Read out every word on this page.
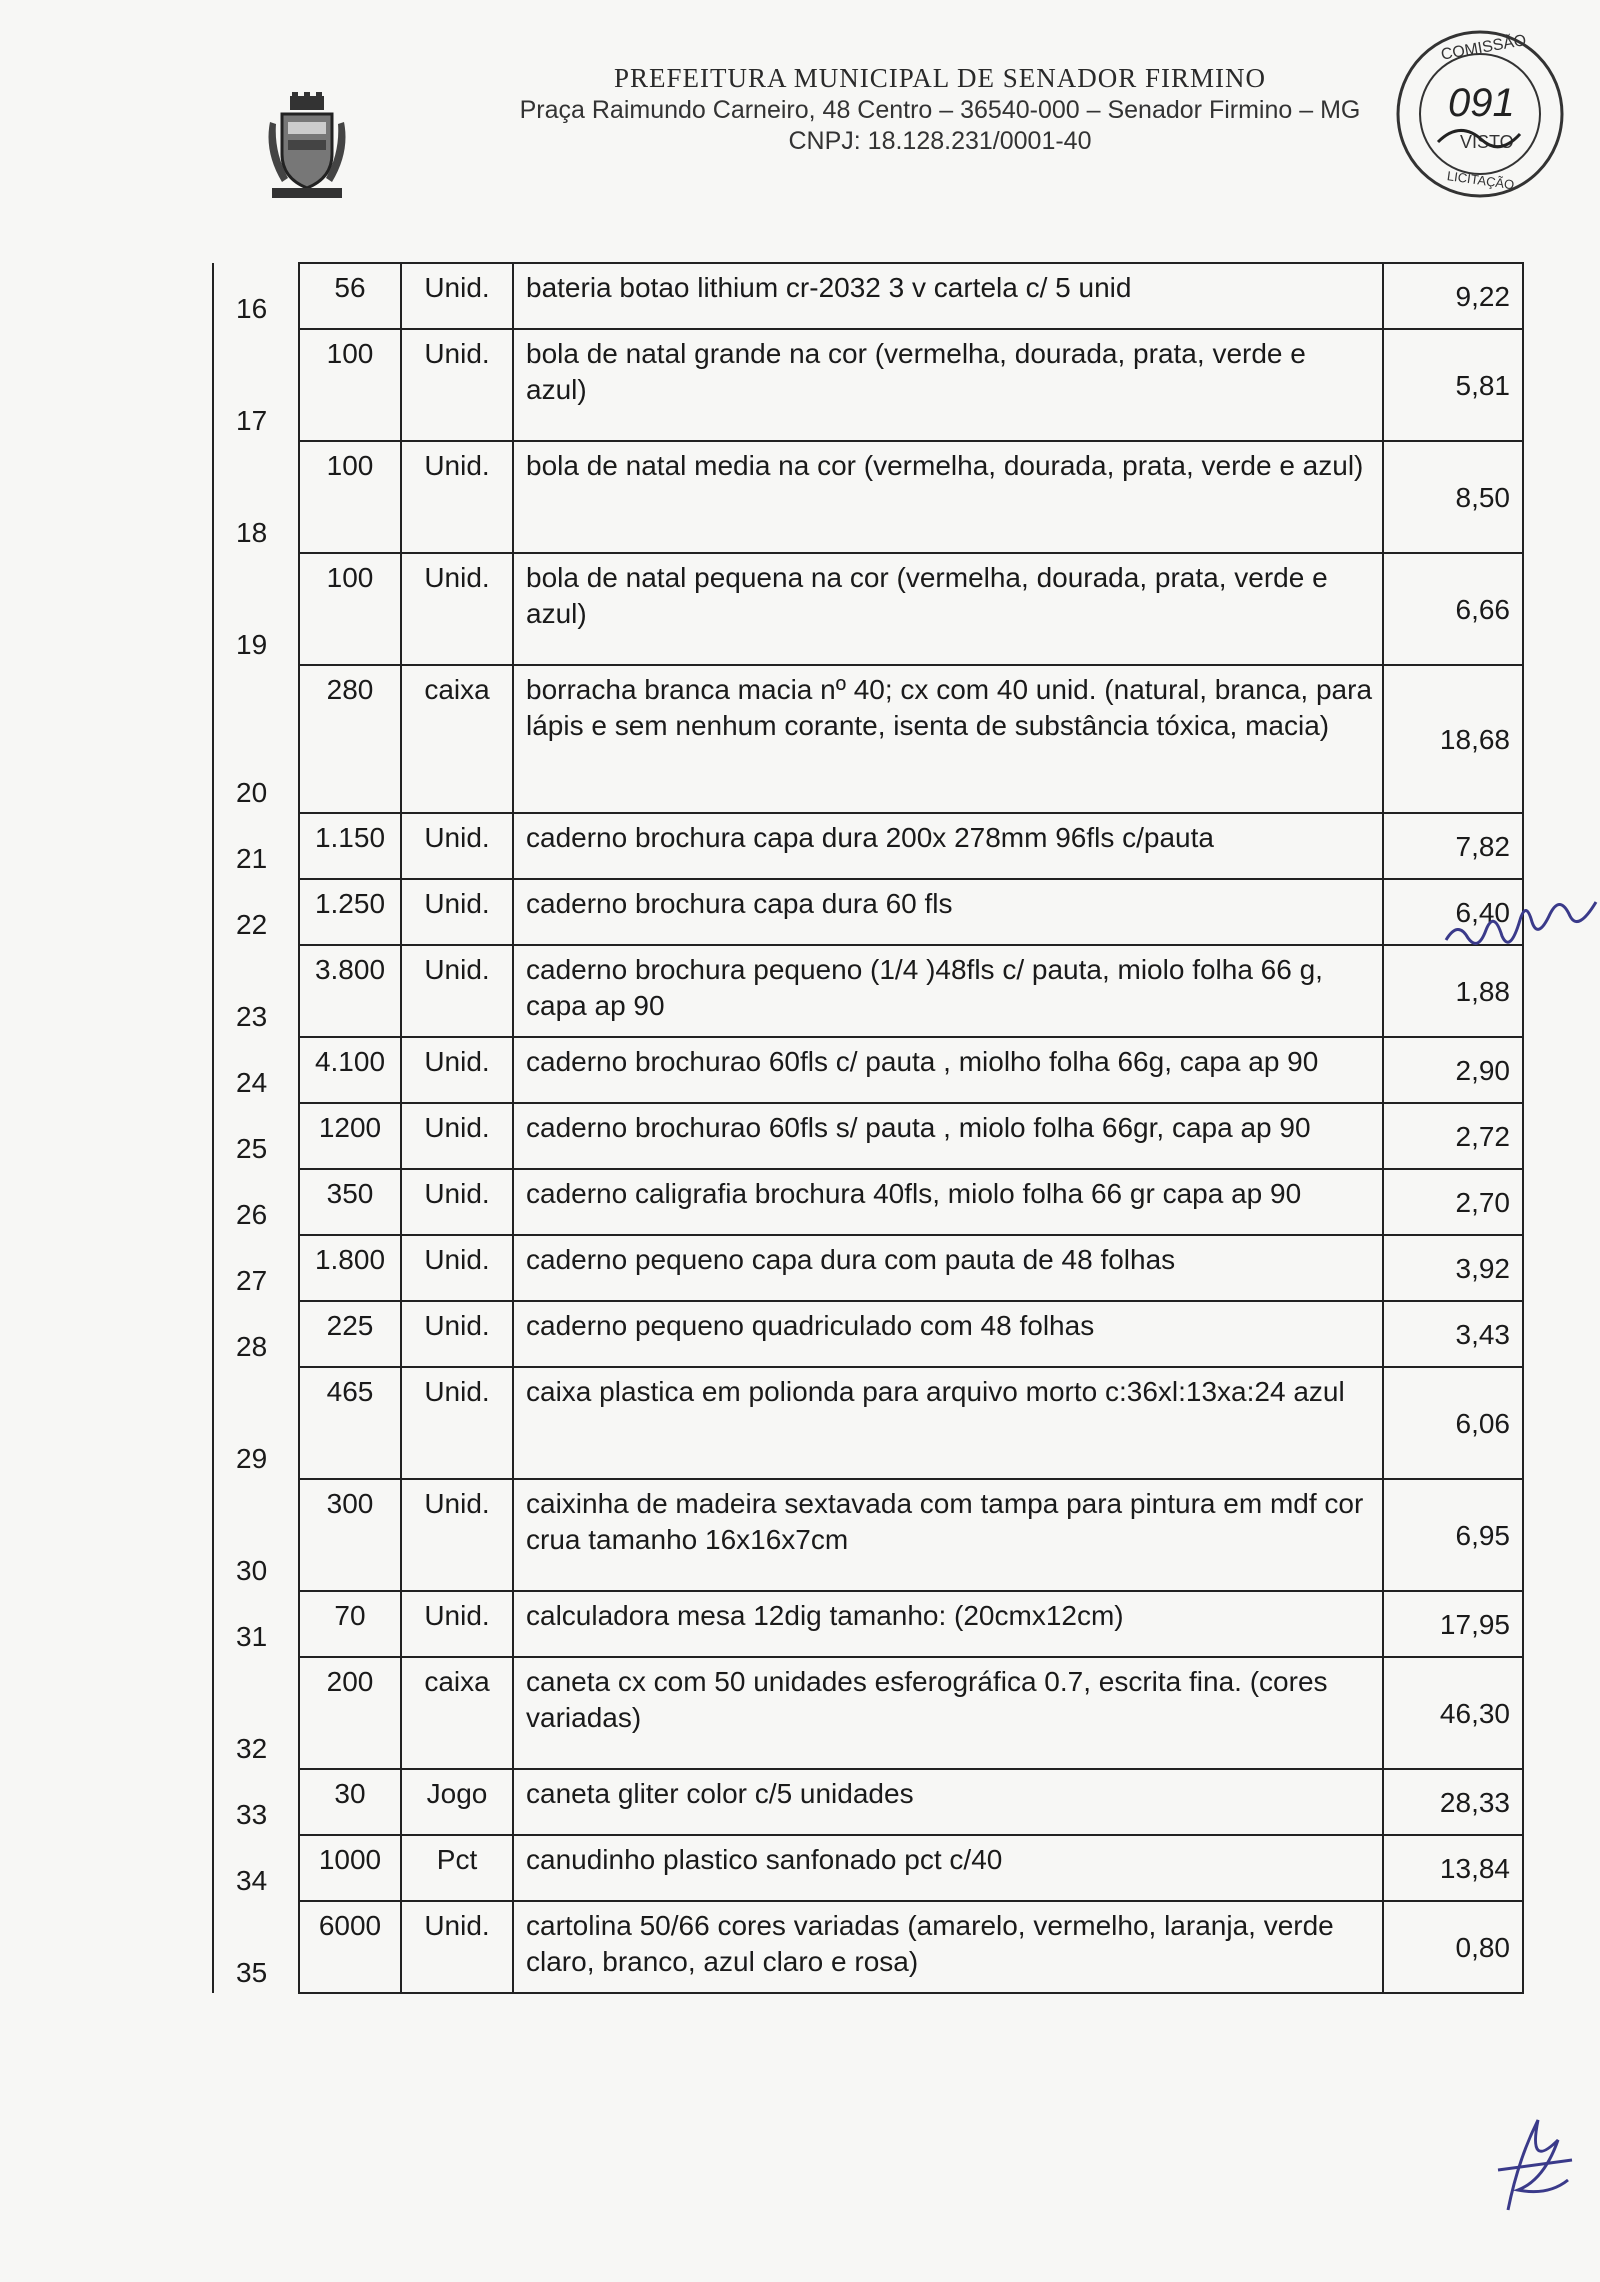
PREFEITURA MUNICIPAL DE SENADOR FIRMINO
Praça Raimundo Carneiro, 48 Centro – 36540-000 – Senador Firmino – MG
CNPJ: 18.128.231/0001-40
COMISSÃO
091
VISTO
LICITAÇÃO
16	56	Unid.	bateria botao lithium cr-2032 3 v cartela c/ 5 unid	9,22
17	100	Unid.	bola de natal grande na cor (vermelha, dourada, prata, verde e azul)	5,81
18	100	Unid.	bola de natal media na cor (vermelha, dourada, prata, verde e azul)	8,50
19	100	Unid.	bola de natal pequena na cor (vermelha, dourada, prata, verde e azul)	6,66
20	280	caixa	borracha branca macia nº 40; cx com 40 unid. (natural, branca, para lápis e sem nenhum corante, isenta de substância tóxica, macia)	18,68
21	1.150	Unid.	caderno brochura capa dura 200x 278mm 96fls c/pauta	7,82
22	1.250	Unid.	caderno brochura capa dura 60 fls	6,40
23	3.800	Unid.	caderno brochura pequeno (1/4 )48fls c/ pauta, miolo folha 66 g, capa ap 90	1,88
24	4.100	Unid.	caderno brochurao 60fls c/ pauta , miolho folha 66g, capa ap 90	2,90
25	1200	Unid.	caderno brochurao 60fls s/ pauta , miolo folha 66gr, capa ap 90	2,72
26	350	Unid.	caderno caligrafia brochura 40fls, miolo folha 66 gr capa ap 90	2,70
27	1.800	Unid.	caderno pequeno capa dura com pauta de 48 folhas	3,92
28	225	Unid.	caderno pequeno quadriculado com 48 folhas	3,43
29	465	Unid.	caixa plastica em polionda para arquivo morto c:36xl:13xa:24 azul	6,06
30	300	Unid.	caixinha de madeira sextavada com tampa para pintura em mdf cor crua tamanho 16x16x7cm	6,95
31	70	Unid.	calculadora mesa 12dig tamanho: (20cmx12cm)	17,95
32	200	caixa	caneta cx com 50 unidades esferográfica 0.7, escrita fina. (cores variadas)	46,30
33	30	Jogo	caneta gliter color c/5 unidades	28,33
34	1000	Pct	canudinho plastico sanfonado pct c/40	13,84
35	6000	Unid.	cartolina 50/66 cores variadas (amarelo, vermelho, laranja, verde claro, branco, azul claro e rosa)	0,80
